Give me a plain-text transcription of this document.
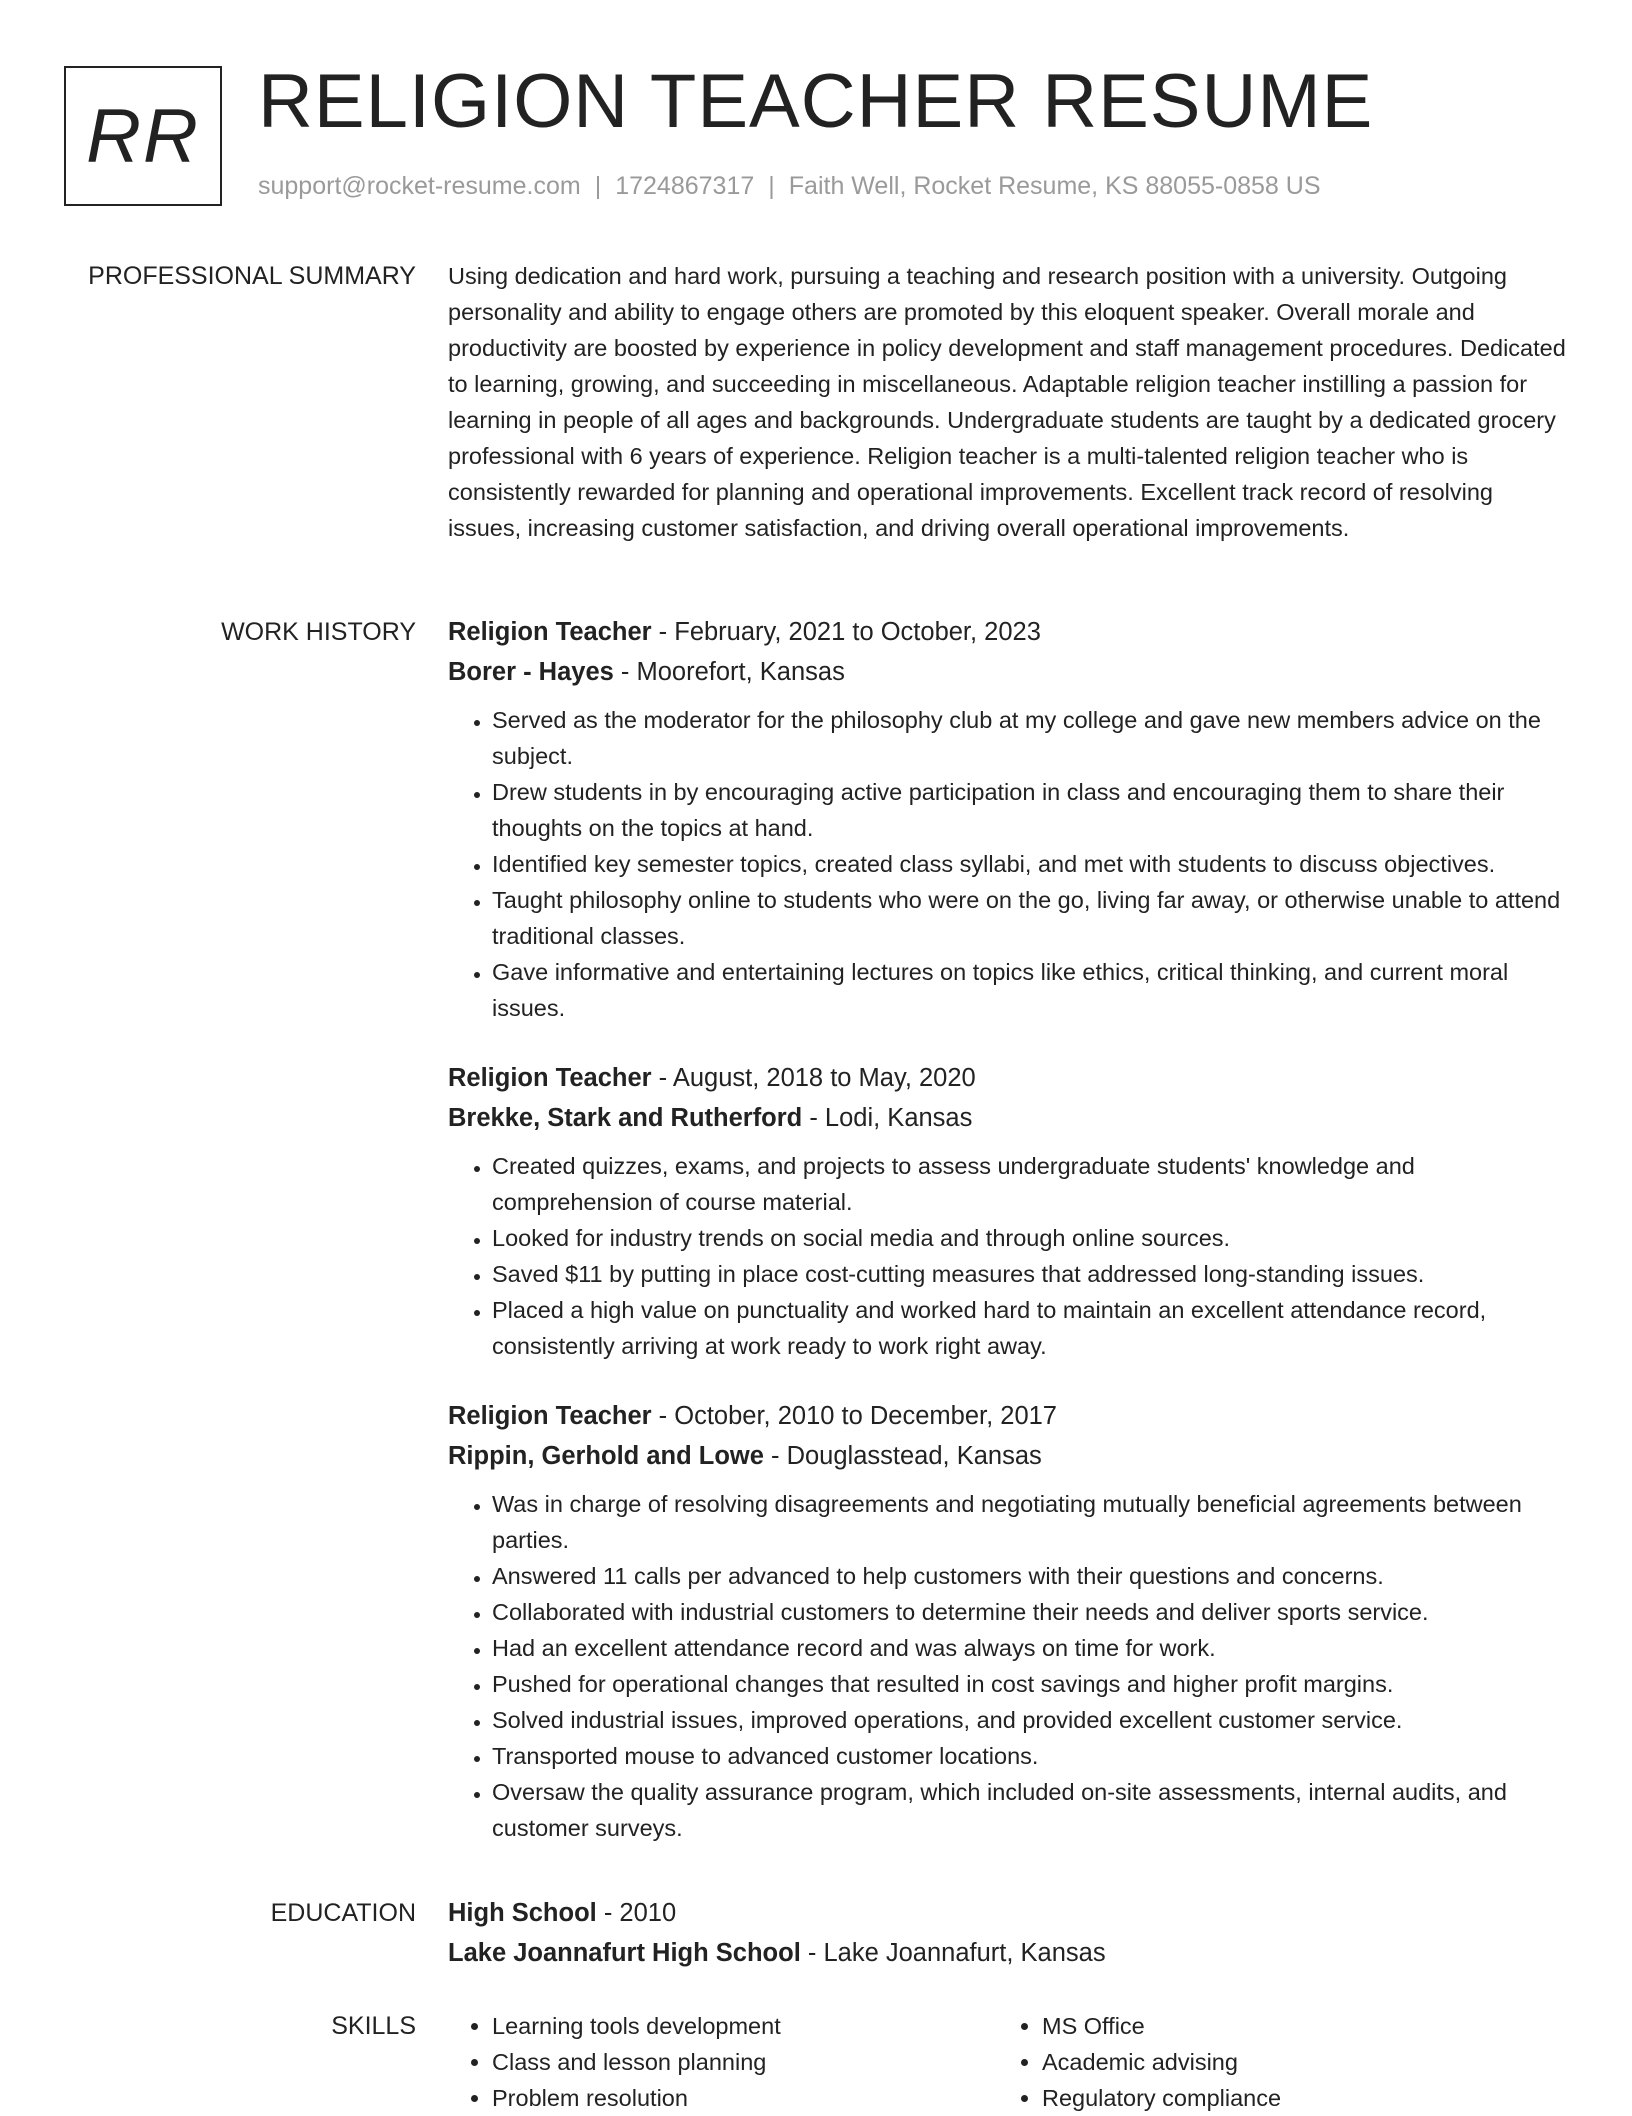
RR RELIGION TEACHER RESUME
support@rocket-resume.com | 1724867317 | Faith Well, Rocket Resume, KS 88055-0858 US
PROFESSIONAL SUMMARY Using dedication and hard work, pursuing a teaching and research position with a university. Outgoing personality and ability to engage others are promoted by this eloquent speaker. Overall morale and productivity are boosted by experience in policy development and staff management procedures. Dedicated to learning, growing, and succeeding in miscellaneous. Adaptable religion teacher instilling a passion for learning in people of all ages and backgrounds. Undergraduate students are taught by a dedicated grocery professional with 6 years of experience. Religion teacher is a multi-talented religion teacher who is consistently rewarded for planning and operational improvements. Excellent track record of resolving issues, increasing customer satisfaction, and driving overall operational improvements.

WORK HISTORY Religion Teacher - February, 2021 to October, 2023
Borer - Hayes - Moorefort, Kansas
• Served as the moderator for the philosophy club at my college and gave new members advice on the subject.
• Drew students in by encouraging active participation in class and encouraging them to share their thoughts on the topics at hand.
• Identified key semester topics, created class syllabi, and met with students to discuss objectives.
• Taught philosophy online to students who were on the go, living far away, or otherwise unable to attend traditional classes.
• Gave informative and entertaining lectures on topics like ethics, critical thinking, and current moral issues.
Religion Teacher - August, 2018 to May, 2020
Brekke, Stark and Rutherford - Lodi, Kansas
• Created quizzes, exams, and projects to assess undergraduate students' knowledge and comprehension of course material.
• Looked for industry trends on social media and through online sources.
• Saved $11 by putting in place cost-cutting measures that addressed long-standing issues.
• Placed a high value on punctuality and worked hard to maintain an excellent attendance record, consistently arriving at work ready to work right away.
Religion Teacher - October, 2010 to December, 2017
Rippin, Gerhold and Lowe - Douglasstead, Kansas
• Was in charge of resolving disagreements and negotiating mutually beneficial agreements between parties.
• Answered 11 calls per advanced to help customers with their questions and concerns.
• Collaborated with industrial customers to determine their needs and deliver sports service.
• Had an excellent attendance record and was always on time for work.
• Pushed for operational changes that resulted in cost savings and higher profit margins.
• Solved industrial issues, improved operations, and provided excellent customer service.
• Transported mouse to advanced customer locations.
• Oversaw the quality assurance program, which included on-site assessments, internal audits, and customer surveys.
EDUCATION High School - 2010
Lake Joannafurt High School - Lake Joannafurt, Kansas
SKILLS
•	Learning tools development
• Class and lesson planning
• Problem resolution
• MS Office
• Academic advising
• Regulatory compliance
